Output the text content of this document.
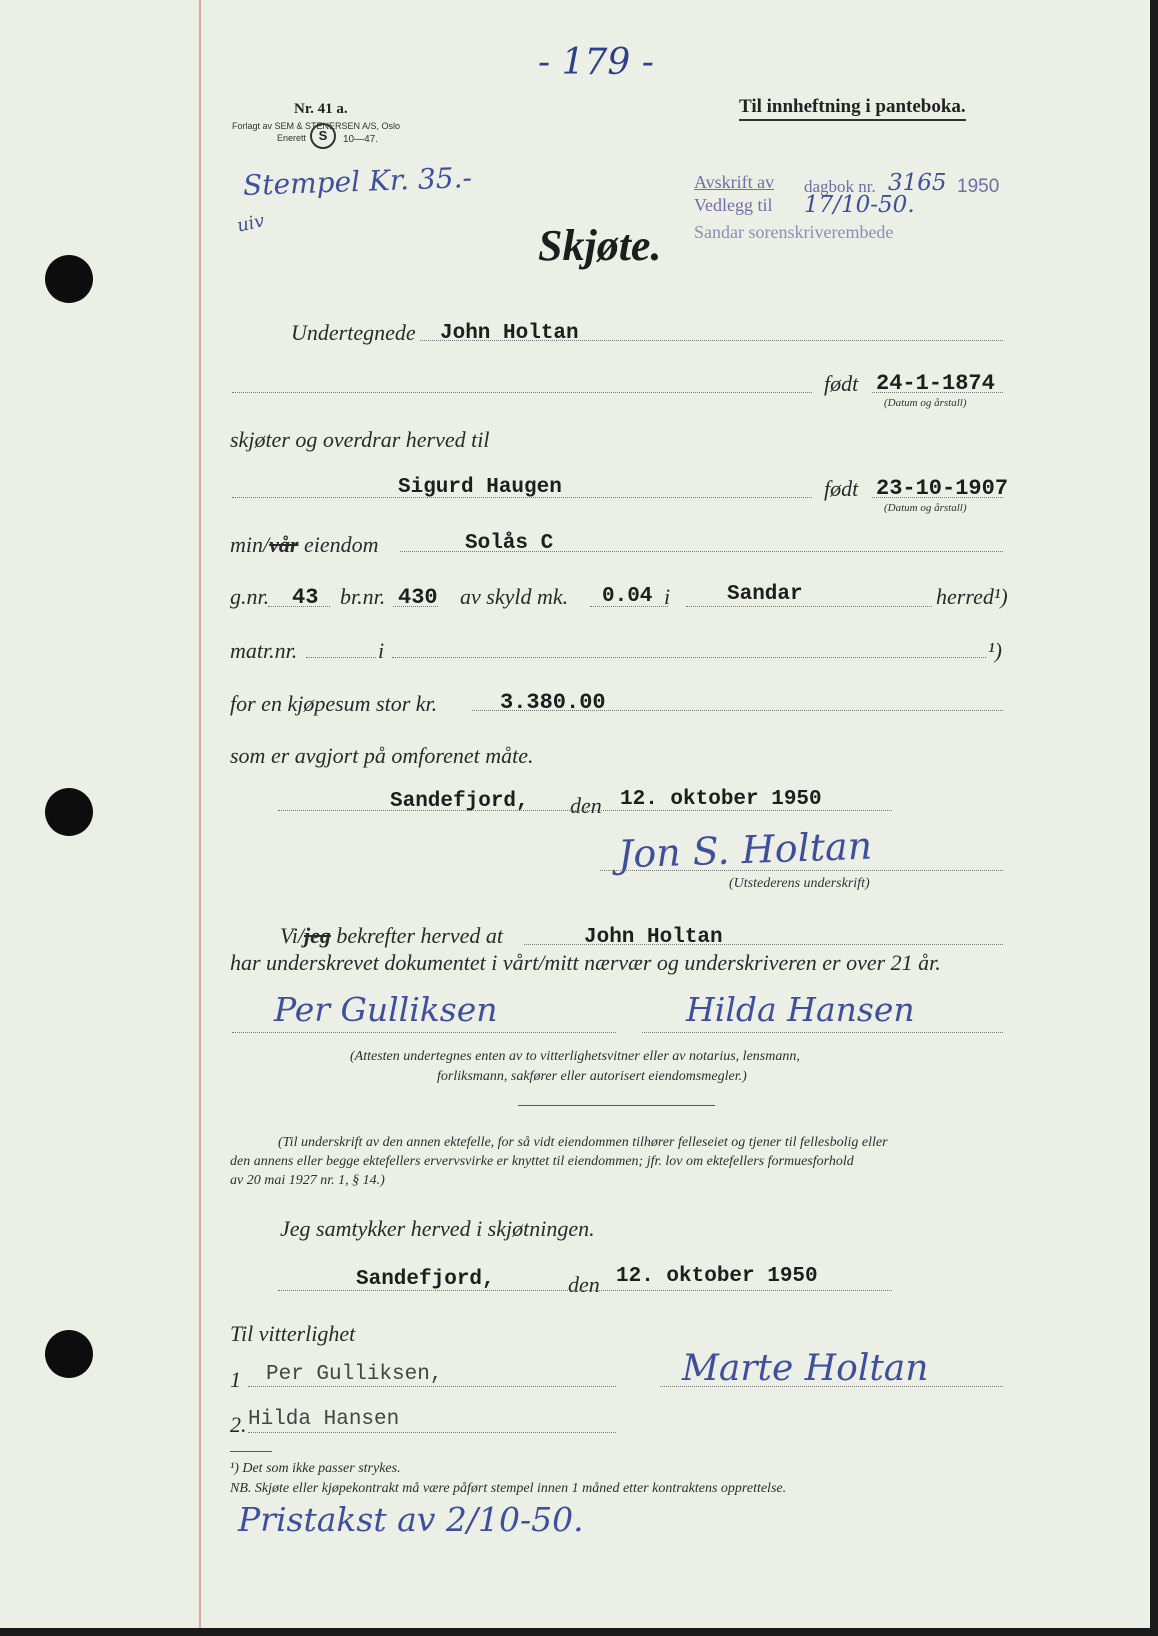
- 179 -
Nr. 41 a.
Forlagt av SEM & STENERSEN A/S, Oslo
Enerett S	10—47.
Til innheftning i panteboka.
Stempel Kr. 35.-
uiv
Avskrift av dagbok nr. 3165 1950
Vedlegg til 17/10-50.
Sandar sorenskriverembede
Skjøte.
Undertegnede John Holtan
født 24-1-1874
(Datum og årstall)
skjøter og overdrar herved til
Sigurd Haugen	født 23-10-1907
(Datum og årstall)
min/vår eiendom	Solås C
g.nr. 43 br.nr. 430 av skyld mk. 0.04 i	Sandar	herred¹)
matr.nr.	i	¹)
for en kjøpesum stor kr.	3.380.00
som er avgjort på omforenet måte.
Sandefjord, den 12. oktober 1950
Jon S. Holtan
(Utstederens underskrift)
Vi/jeg bekrefter herved at	John Holtan
har underskrevet dokumentet i vårt/mitt nærvær og underskriveren er over 21 år.
Per Gulliksen	Hilda Hansen
(Attesten undertegnes enten av to vitterlighetsvitner eller av notarius, lensmann,
forliksmann, sakfører eller autorisert eiendomsmegler.)
(Til underskrift av den annen ektefelle, for så vidt eiendommen tilhører felleseiet og tjener til fellesbolig eller
den annens eller begge ektefellers ervervsvirke er knyttet til eiendommen; jfr. lov om ektefellers formuesforhold
av 20 mai 1927 nr. 1, § 14.)
Jeg samtykker herved i skjøtningen.
Sandefjord,	den 12. oktober 1950
Til vitterlighet
1 Per Gulliksen,	Marte Holtan
2. Hilda Hansen
¹) Det som ikke passer strykes.
NB. Skjøte eller kjøpekontrakt må være påført stempel innen 1 måned etter kontraktens opprettelse.
Pristakst av 2/10-50.
